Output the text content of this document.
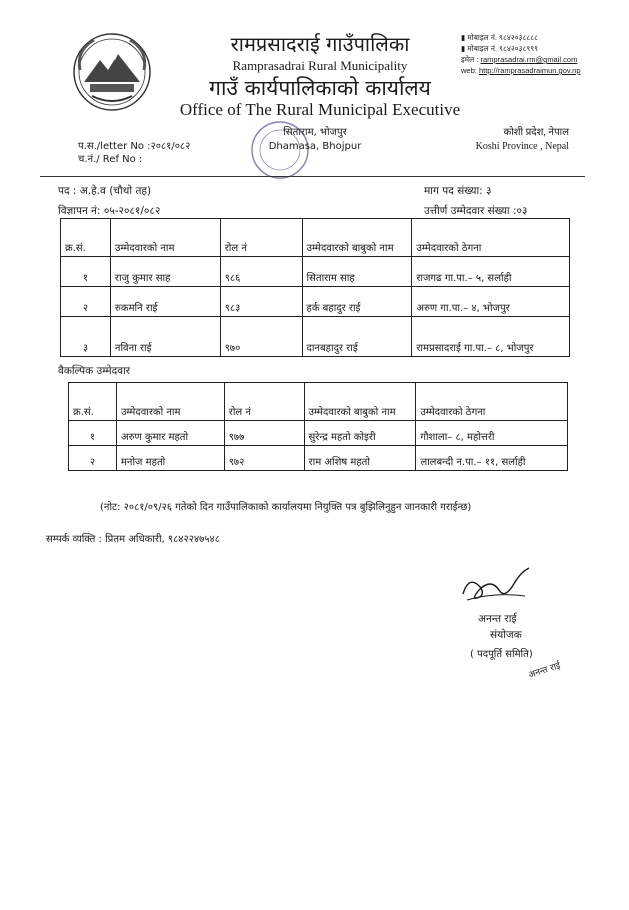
रामप्रसादराई गाउँपालिका
Ramprasadrai Rural Municipality
गाउँ कार्यपालिकाको कार्यालय
Office of The Rural Municipal Executive
▮ मोबाइल नं. ९८४२०३८८८८
▮ मोबाइल नं. ९८४२०३८९९९
इमेल : ramprasadrai.rm@gmail.com
web: http://ramprasadraimun.gov.np
सिताराम, भोजपुर
Dhamasa, Bhojpur
कोशी प्रदेश, नेपाल
Koshi Province , Nepal
प.स./letter No :२०८१/०८२
च.नं./ Ref No :
पद : अ.हे.व (चौथो तह)	माग पद संख्या: ३
विज्ञापन नं: ०५-२०८१/०८२	उत्तीर्ण उम्मेदवार संख्या :०३
क्र.सं.	उम्मेदवारको नाम	रोल नं	उम्मेदवारको बाबुको नाम	उम्मेदवारको ठेगना
१	राजु कुमार साह	९८६	सिताराम साह	राजगढ गा.पा.– ५, सर्लाही
२	रुकमनि राई	९८३	हर्क बहादुर राई	अरुण गा.पा.– ४, भोजपुर
३	नविना राई	९७०	दानबहादुर राई	रामप्रसादराई गा.पा.– ८, भोजपुर
वैकल्पिक उम्मेदवार
क्र.सं.	उम्मेदवारको नाम	रोल नं	उम्मेदवारको बाबुको नाम	उम्मेदवारको ठेगना
१	अरुण कुमार महतो	९७७	सुरेन्द्र महतो कोइरी	गौशाला– ८, महोत्तरी
२	मनोज महतो	९७२	राम अशिष महतो	लालबन्दी न.पा.– ११, सर्लाही
(नोट: २०८१/०९/२६ गतेको दिन गाउँपालिकाको कार्यालयमा नियुक्ति पत्र बुझिलिनुहुन जानकारी गराईन्छ)
सम्पर्क व्यक्ति : प्रितम अधिकारी, ९८४२२४७५४८
अनन्त राई
संयोजक
( पदपूर्ति समिति)
अनन्त राई
